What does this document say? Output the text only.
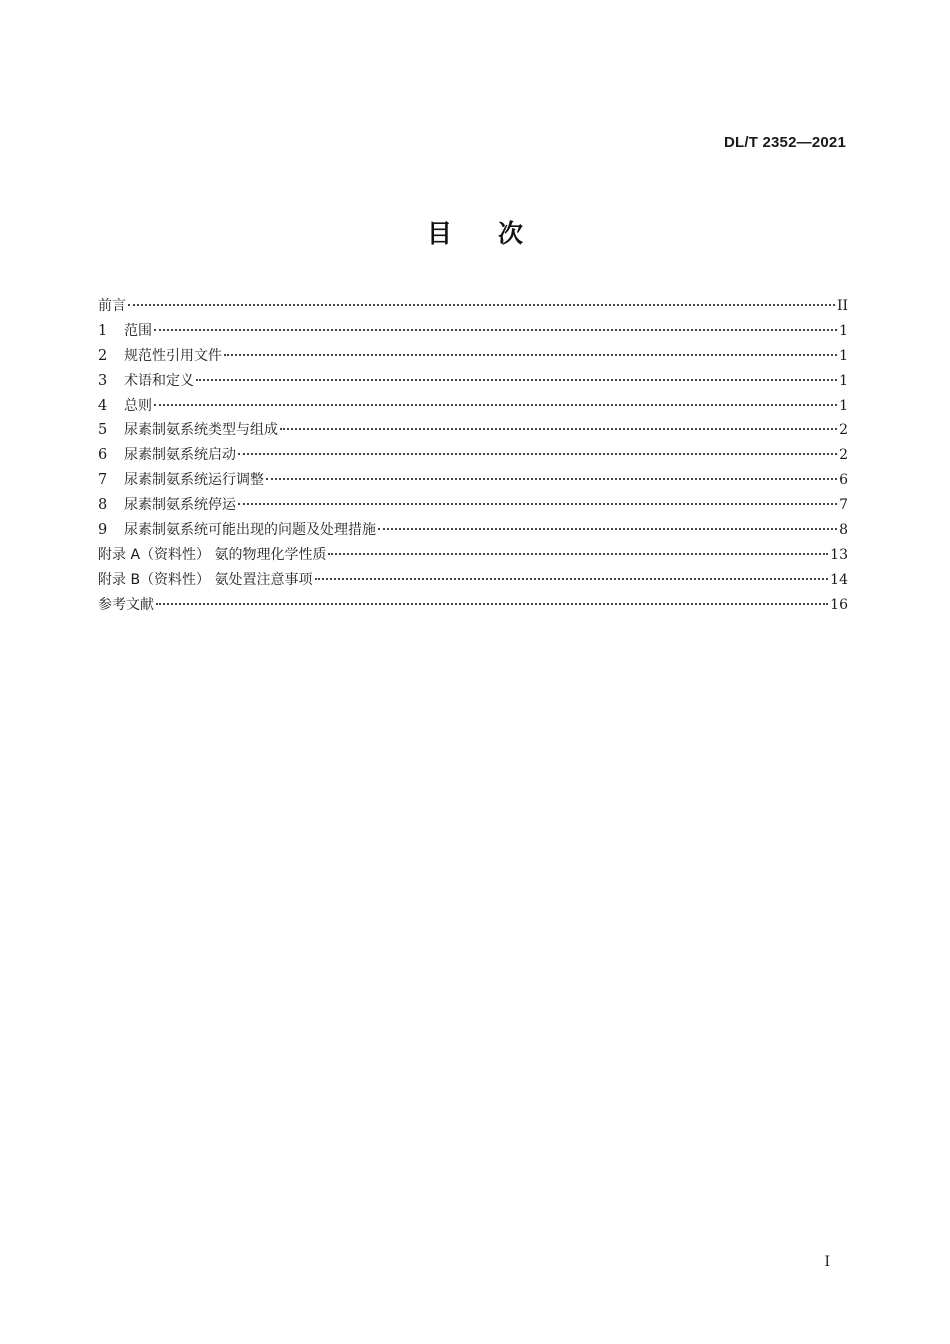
DL/T 2352—2021
目次
前言	II
1	范围	1
2	规范性引用文件	1
3	术语和定义	1
4	总则	1
5	尿素制氨系统类型与组成	2
6	尿素制氨系统启动	2
7	尿素制氨系统运行调整	6
8	尿素制氨系统停运	7
9	尿素制氨系统可能出现的问题及处理措施	8
附录 A（资料性） 氨的物理化学性质	13
附录 B（资料性） 氨处置注意事项	14
参考文献	16
I
